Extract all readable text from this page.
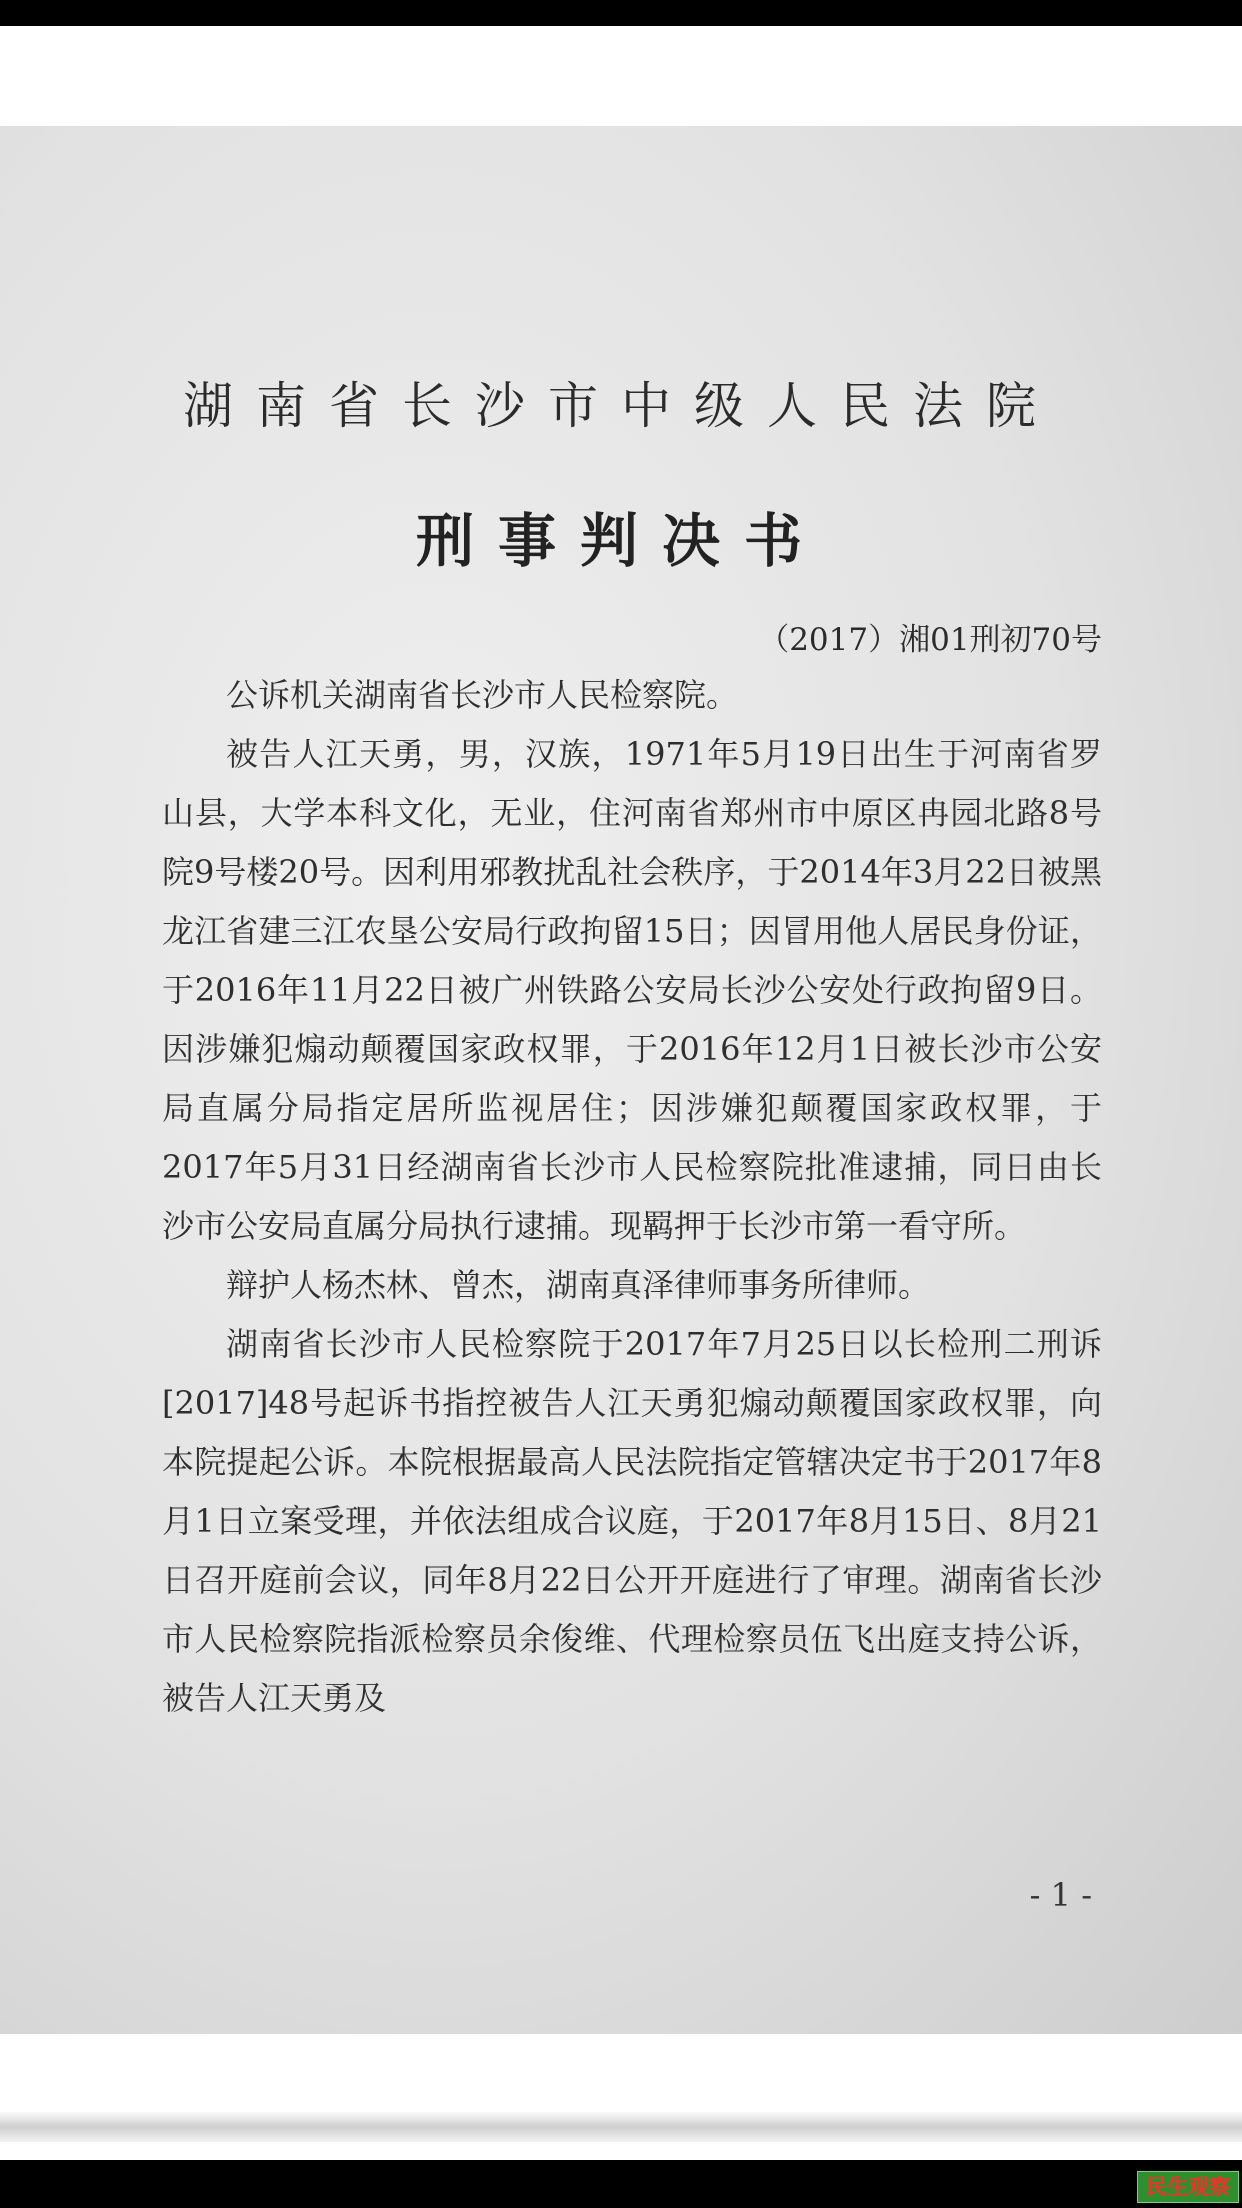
湖南省长沙市中级人民法院
刑事判决书
（2017）湘01刑初70号

公诉机关湖南省长沙市人民检察院。

被告人江天勇，男，汉族，1971年5月19日出生于河南省罗山县，大学本科文化，无业，住河南省郑州市中原区冉园北路8号院9号楼20号。因利用邪教扰乱社会秩序，于2014年3月22日被黑龙江省建三江农垦公安局行政拘留15日；因冒用他人居民身份证，于2016年11月22日被广州铁路公安局长沙公安处行政拘留9日。因涉嫌犯煽动颠覆国家政权罪，于2016年12月1日被长沙市公安局直属分局指定居所监视居住；因涉嫌犯颠覆国家政权罪，于2017年5月31日经湖南省长沙市人民检察院批准逮捕，同日由长沙市公安局直属分局执行逮捕。现羁押于长沙市第一看守所。

辩护人杨杰林、曾杰，湖南真泽律师事务所律师。

湖南省长沙市人民检察院于2017年7月25日以长检刑二刑诉[2017]48号起诉书指控被告人江天勇犯煽动颠覆国家政权罪，向本院提起公诉。本院根据最高人民法院指定管辖决定书于2017年8月1日立案受理，并依法组成合议庭，于2017年8月15日、8月21日召开庭前会议，同年8月22日公开开庭进行了审理。湖南省长沙市人民检察院指派检察员余俊维、代理检察员伍飞出庭支持公诉，被告人江天勇及

- 1 -
民生观察
